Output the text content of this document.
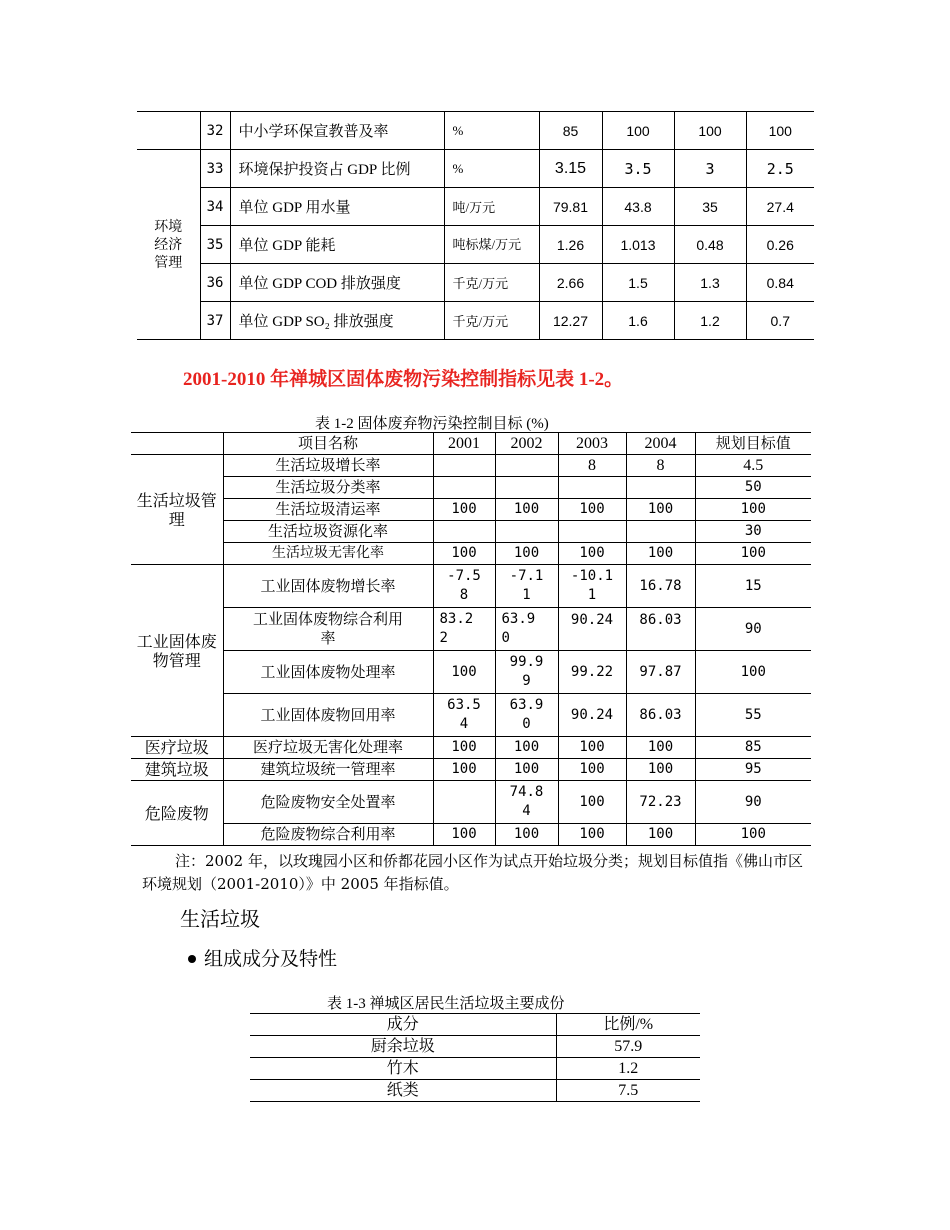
	32	中小学环保宣教普及率	%	85	100	100	100

环境经济管理	33	环境保护投资占 GDP 比例	%	3.15	3.5	3	2.5
	34	单位 GDP 用水量	吨/万元	79.81	43.8	35	27.4
	35	单位 GDP 能耗	吨标煤/万元	1.26	1.013	0.48	0.26
	36	单位 GDP COD 排放强度	千克/万元	2.66	1.5	1.3	0.84
	37	单位 GDP SO₂ 排放强度	千克/万元	12.27	1.6	1.2	0.7

2001-2010 年禅城区固体废物污染控制指标见表 1-2。

表 1-2 固体废弃物污染控制目标 (%)
	项目名称	2001	2002	2003	2004	规划目标值

生活垃圾管理	生活垃圾增长率			8	8	4.5
	生活垃圾分类率					50
	生活垃圾清运率	100	100	100	100	100
	生活垃圾资源化率					30
	生活垃圾无害化率	100	100	100	100	100

工业固体废物管理	工业固体废物增长率	-7.58	-7.11	-10.11	16.78	15

	工业固体废物综合利用率	83.22	63.90	90.24	86.03	90
	工业固体废物处理率	100	99.99	99.22	97.87	100
	工业固体废物回用率	63.54	63.90	90.24	86.03	55
医疗垃圾	医疗垃圾无害化处理率	100	100	100	100	85
建筑垃圾	建筑垃圾统一管理率	100	100	100	100	95
危险废物	危险废物安全处置率		74.84	100	72.23	90
	危险废物综合利用率	100	100	100	100	100

注：2002 年，以玫瑰园小区和侨都花园小区作为试点开始垃圾分类；规划目标值指《佛山市区环境规划（2001-2010）》中 2005 年指标值。

生活垃圾
组成成分及特性
表 1-3 禅城区居民生活垃圾主要成份
成分	比例/%
厨余垃圾	57.9
竹木	1.2
纸类	7.5
